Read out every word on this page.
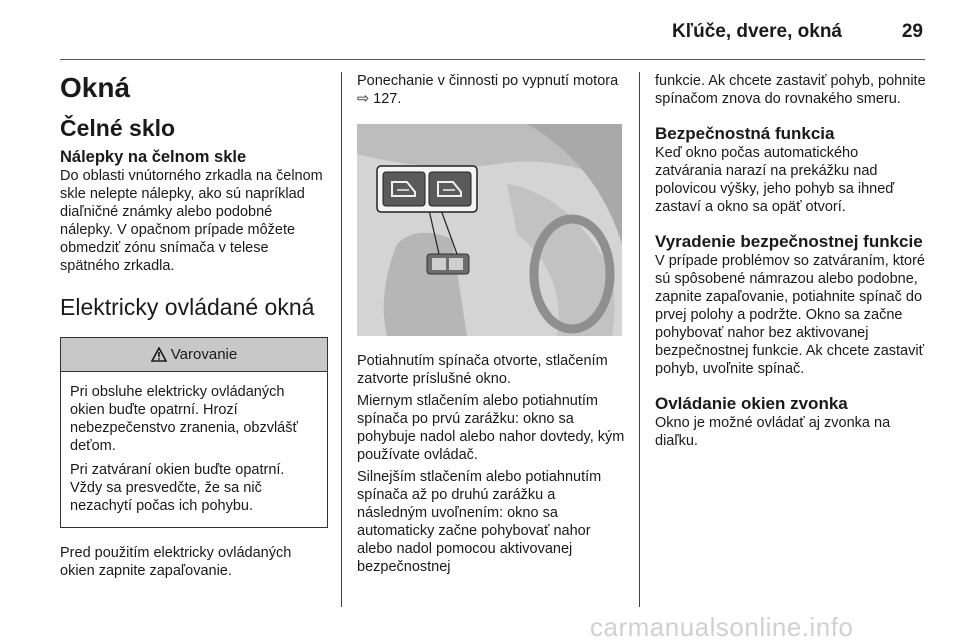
Kľúče, dvere, okná	29
Okná
Čelné sklo
Nálepky na čelnom skle

Do oblasti vnútorného zrkadla na čelnom skle nelepte nálepky, ako sú napríklad diaľničné známky alebo podobné nálepky. V opačnom prípade môžete obmedziť zónu snímača v telese spätného zrkadla.

Elektricky ovládané okná
Varovanie

Pri obsluhe elektricky ovládaných okien buďte opatrní. Hrozí nebezpečenstvo zranenia, obzvlášť deťom.

Pri zatváraní okien buďte opatrní. Vždy sa presvedčte, že sa nič nezachytí počas ich pohybu.

Pred použitím elektricky ovládaných okien zapnite zapaľovanie.

Ponechanie v činnosti po vypnutí motora ⇨ 127.

Potiahnutím spínača otvorte, stlačením zatvorte príslušné okno.

Miernym stlačením alebo potiahnutím spínača po prvú zarážku: okno sa pohybuje nadol alebo nahor dovtedy, kým používate ovládač.

Silnejším stlačením alebo potiahnutím spínača až po druhú zarážku a následným uvoľnením: okno sa automaticky začne pohybovať nahor alebo nadol pomocou aktivovanej bezpečnostnej

funkcie. Ak chcete zastaviť pohyb, pohnite spínačom znova do rovnakého smeru.

Bezpečnostná funkcia

Keď okno počas automatického zatvárania narazí na prekážku nad polovicou výšky, jeho pohyb sa ihneď zastaví a okno sa opäť otvorí.

Vyradenie bezpečnostnej funkcie

V prípade problémov so zatváraním, ktoré sú spôsobené námrazou alebo podobne, zapnite zapaľovanie, potiahnite spínač do prvej polohy a podržte. Okno sa začne pohybovať nahor bez aktivovanej bezpečnostnej funkcie. Ak chcete zastaviť pohyb, uvoľnite spínač.

Ovládanie okien zvonka

Okno je možné ovládať aj zvonka na diaľku.

carmanualsonline.info
